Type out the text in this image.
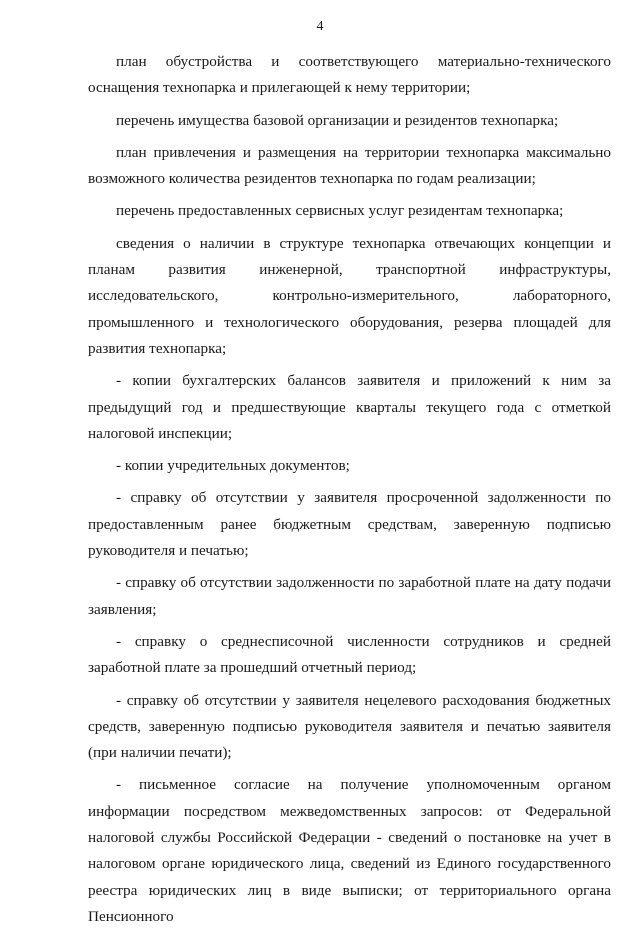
4

план обустройства и соответствующего материально-технического оснащения технопарка и прилегающей к нему территории;

перечень имущества базовой организации и резидентов технопарка;

план привлечения и размещения на территории технопарка максимально возможного количества резидентов технопарка по годам реализации;

перечень предоставленных сервисных услуг резидентам технопарка;

сведения о наличии в структуре технопарка отвечающих концепции и планам развития инженерной, транспортной инфраструктуры, исследовательского, контрольно-измерительного, лабораторного, промышленного и технологического оборудования, резерва площадей для развития технопарка;

- копии бухгалтерских балансов заявителя и приложений к ним за предыдущий год и предшествующие кварталы текущего года с отметкой налоговой инспекции;

- копии учредительных документов;

- справку об отсутствии у заявителя просроченной задолженности по предоставленным ранее бюджетным средствам, заверенную подписью руководителя и печатью;

- справку об отсутствии задолженности по заработной плате на дату подачи заявления;

- справку о среднесписочной численности сотрудников и средней заработной плате за прошедший отчетный период;

- справку об отсутствии у заявителя нецелевого расходования бюджетных средств, заверенную подписью руководителя заявителя и печатью заявителя (при наличии печати);

- письменное согласие на получение уполномоченным органом информации посредством межведомственных запросов: от Федеральной налоговой службы Российской Федерации - сведений о постановке на учет в налоговом органе юридического лица, сведений из Единого государственного реестра юридических лиц в виде выписки; от территориального органа Пенсионного
